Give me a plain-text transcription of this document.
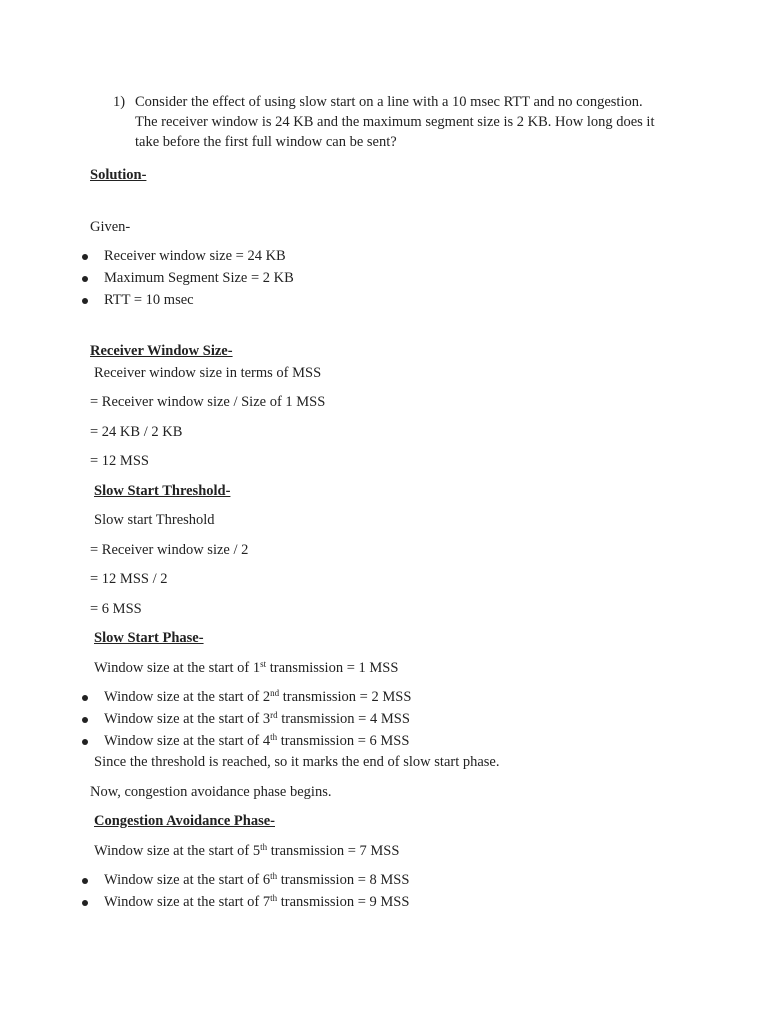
1) Consider the effect of using slow start on a line with a 10 msec RTT and no congestion.
The receiver window is 24 KB and the maximum segment size is 2 KB. How long does it
take before the first full window can be sent?
Solution-
Given-
Receiver window size = 24 KB
Maximum Segment Size = 2 KB
RTT = 10 msec
Receiver Window Size-
Receiver window size in terms of MSS
= Receiver window size / Size of 1 MSS
= 24 KB / 2 KB
= 12 MSS
Slow Start Threshold-
Slow start Threshold
= Receiver window size / 2
= 12 MSS / 2
= 6 MSS
Slow Start Phase-
Window size at the start of 1st transmission = 1 MSS
Window size at the start of 2nd transmission = 2 MSS
Window size at the start of 3rd transmission = 4 MSS
Window size at the start of 4th transmission = 6 MSS
Since the threshold is reached, so it marks the end of slow start phase.
Now, congestion avoidance phase begins.
Congestion Avoidance Phase-
Window size at the start of 5th transmission = 7 MSS
Window size at the start of 6th transmission = 8 MSS
Window size at the start of 7th transmission = 9 MSS
